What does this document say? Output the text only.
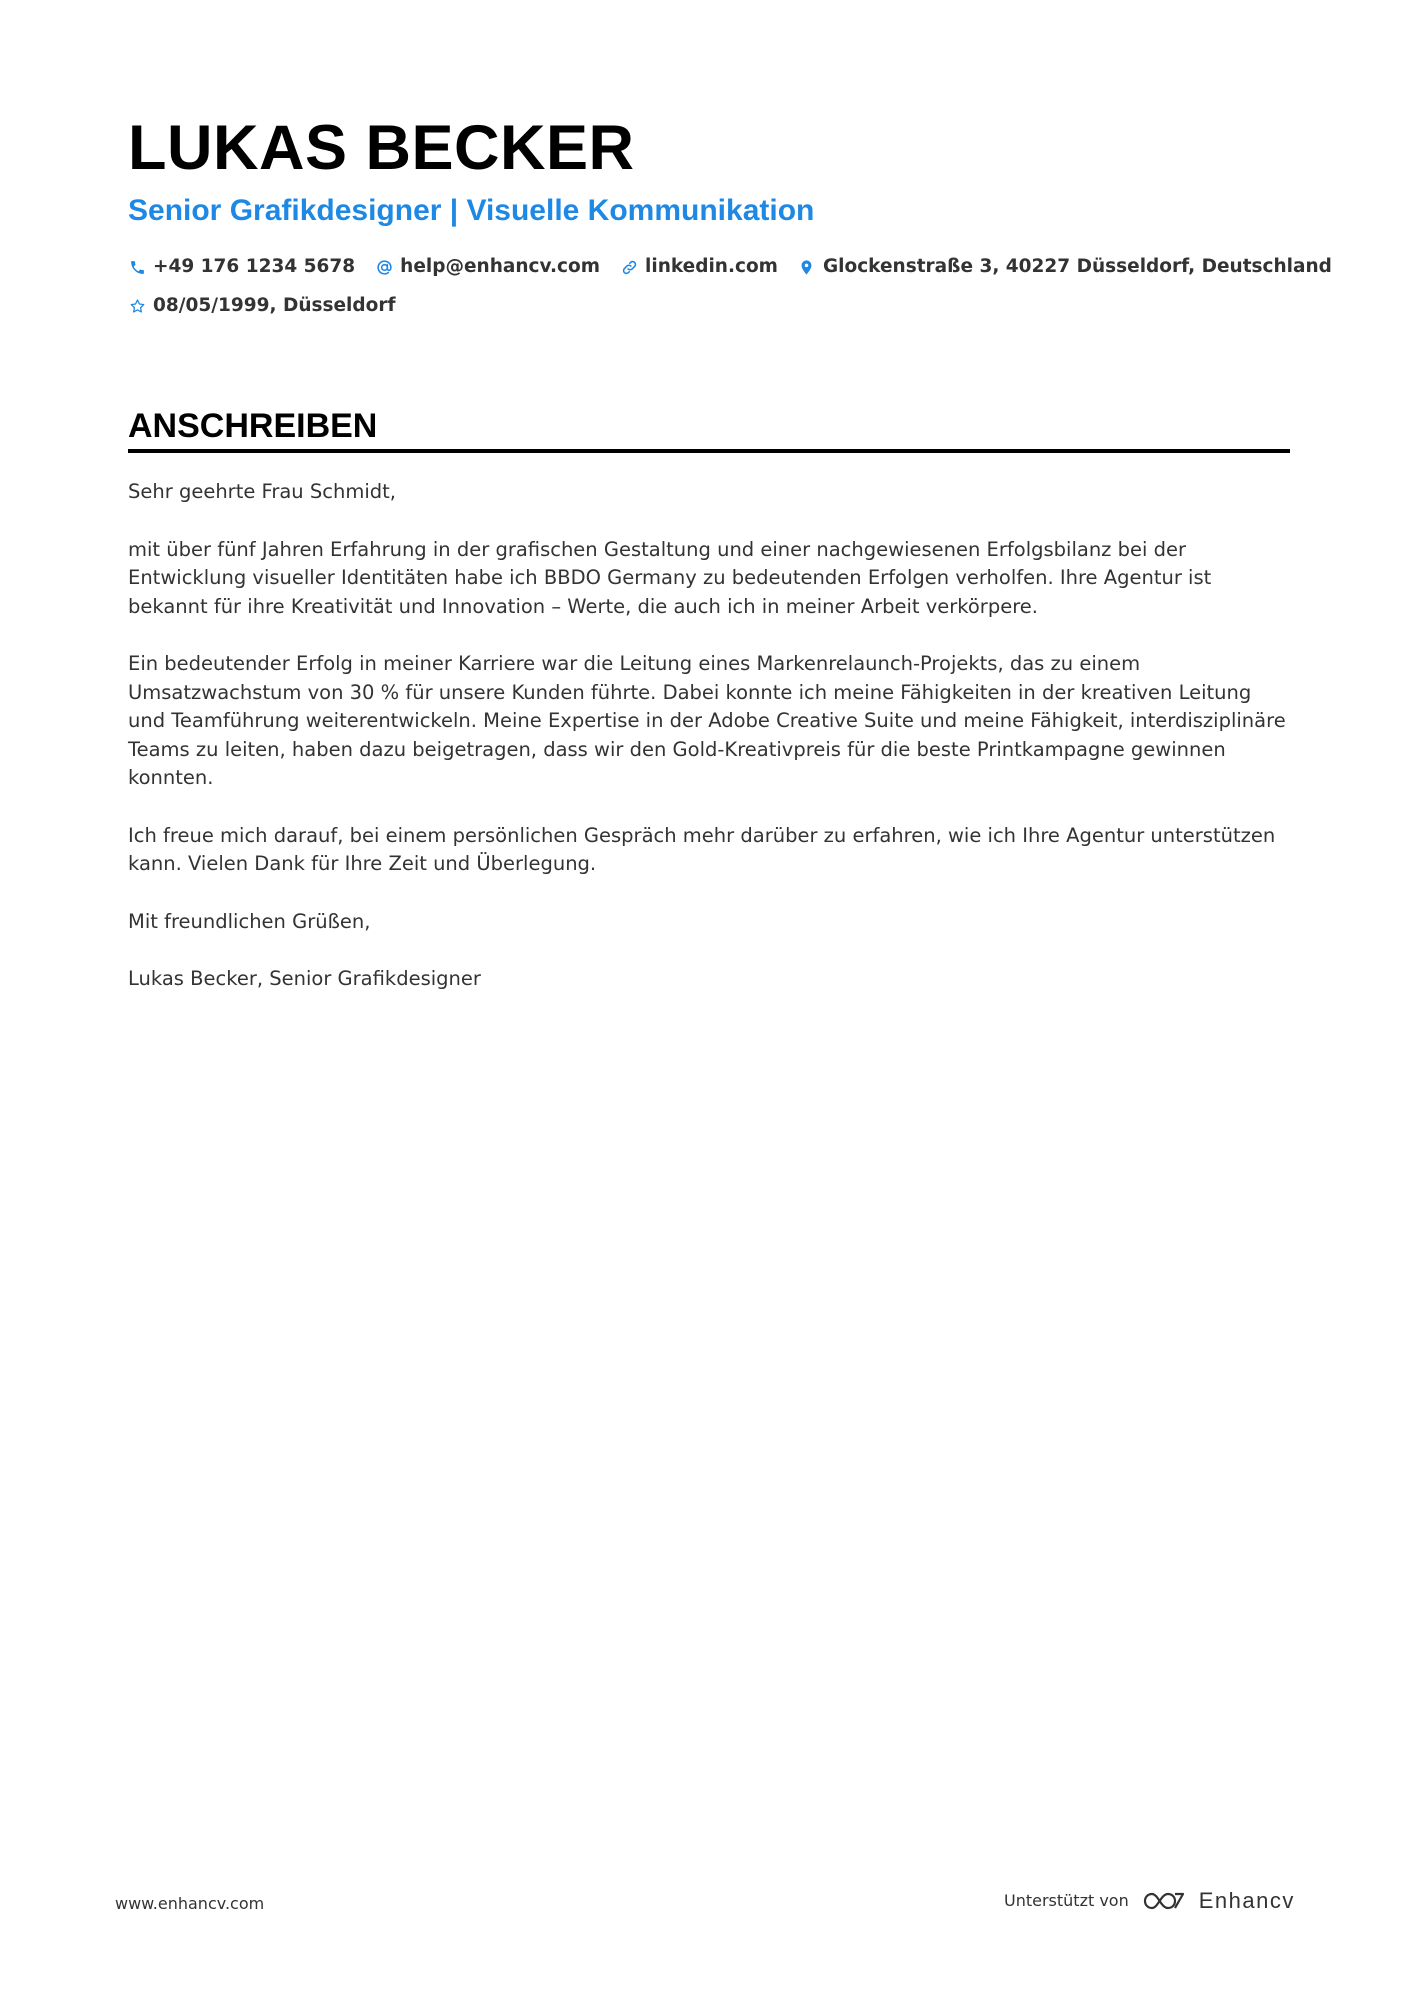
LUKAS BECKER
Senior Grafikdesigner | Visuelle Kommunikation
+49 176 1234 5678 help@enhancv.com linkedin.com Glockenstraße 3, 40227 Düsseldorf, Deutschland
08/05/1999, Düsseldorf
ANSCHREIBEN

Sehr geehrte Frau Schmidt,

mit über fünf Jahren Erfahrung in der grafischen Gestaltung und einer nachgewiesenen Erfolgsbilanz bei der Entwicklung visueller Identitäten habe ich BBDO Germany zu bedeutenden Erfolgen verholfen. Ihre Agentur ist bekannt für ihre Kreativität und Innovation – Werte, die auch ich in meiner Arbeit verkörpere.

Ein bedeutender Erfolg in meiner Karriere war die Leitung eines Markenrelaunch-Projekts, das zu einem Umsatzwachstum von 30 % für unsere Kunden führte. Dabei konnte ich meine Fähigkeiten in der kreativen Leitung und Teamführung weiterentwickeln. Meine Expertise in der Adobe Creative Suite und meine Fähigkeit, interdisziplinäre Teams zu leiten, haben dazu beigetragen, dass wir den Gold-Kreativpreis für die beste Printkampagne gewinnen konnten.

Ich freue mich darauf, bei einem persönlichen Gespräch mehr darüber zu erfahren, wie ich Ihre Agentur unterstützen kann. Vielen Dank für Ihre Zeit und Überlegung.

Mit freundlichen Grüßen,

Lukas Becker, Senior Grafikdesigner

www.enhancv.com	Unterstützt von	Enhancv
